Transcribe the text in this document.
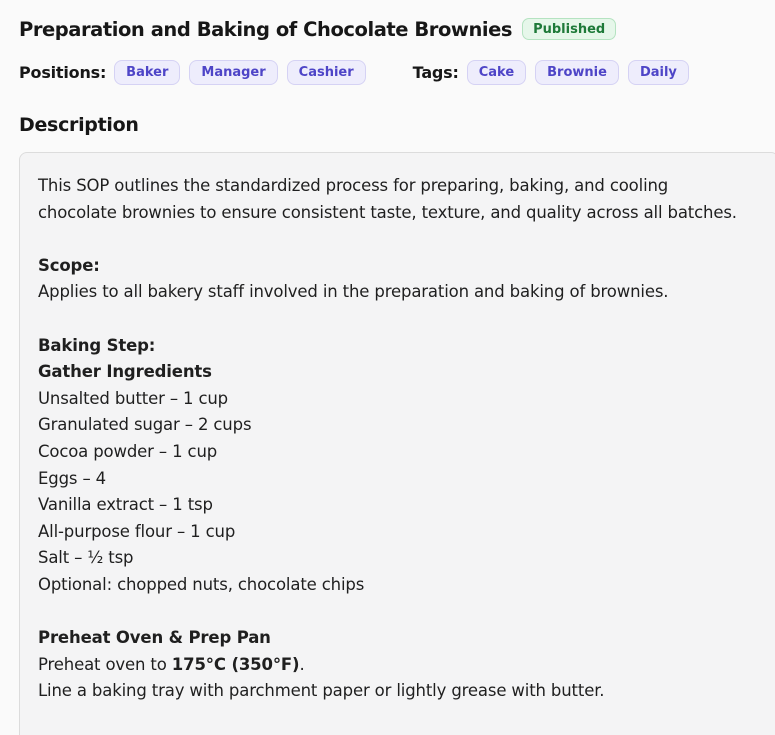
Preparation and Baking of Chocolate Brownies	Published
Positions:	Baker	Manager	Cashier	Tags:	Cake	Brownie	Daily
Description
This SOP outlines the standardized process for preparing, baking, and cooling
chocolate brownies to ensure consistent taste, texture, and quality across all batches.
Scope:
Applies to all bakery staff involved in the preparation and baking of brownies.
Baking Step:
Gather Ingredients
Unsalted butter – 1 cup
Granulated sugar – 2 cups
Cocoa powder – 1 cup
Eggs – 4
Vanilla extract – 1 tsp
All-purpose flour – 1 cup
Salt – ½ tsp
Optional: chopped nuts, chocolate chips
Preheat Oven & Prep Pan
Preheat oven to 175°C (350°F).
Line a baking tray with parchment paper or lightly grease with butter.
